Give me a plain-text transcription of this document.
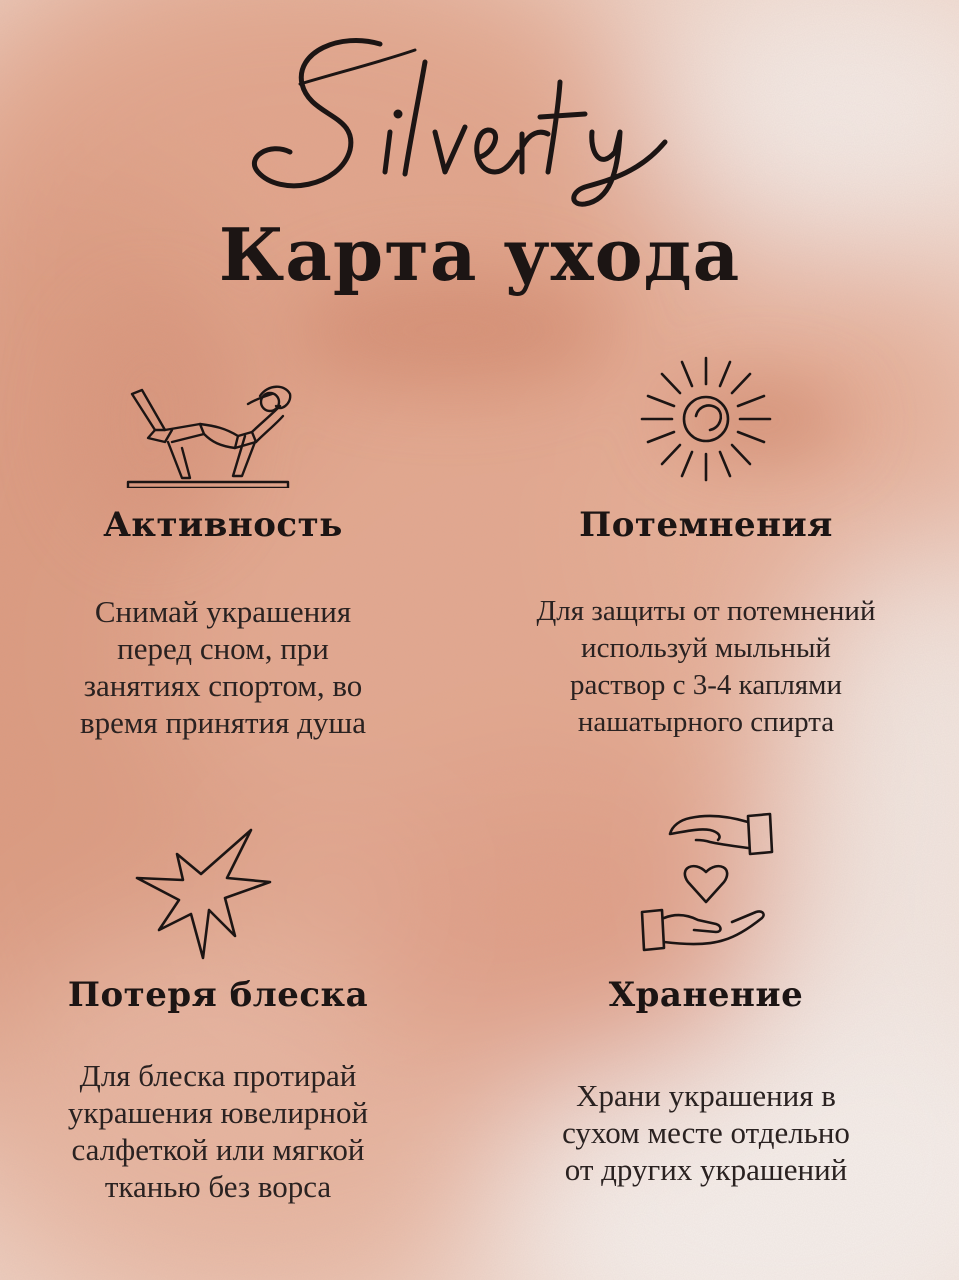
Карта ухода
Активность

Снимай украшения

перед сном, при

занятиях спортом, во

время принятия душа

Потемнения

Для защиты от потемнений

используй мыльный

раствор с 3-4 каплями

нашатырного спирта

Потеря блеска

Для блеска протирай

украшения ювелирной

салфеткой или мягкой

тканью без ворса

Хранение

Храни украшения в

сухом месте отдельно

от других украшений
